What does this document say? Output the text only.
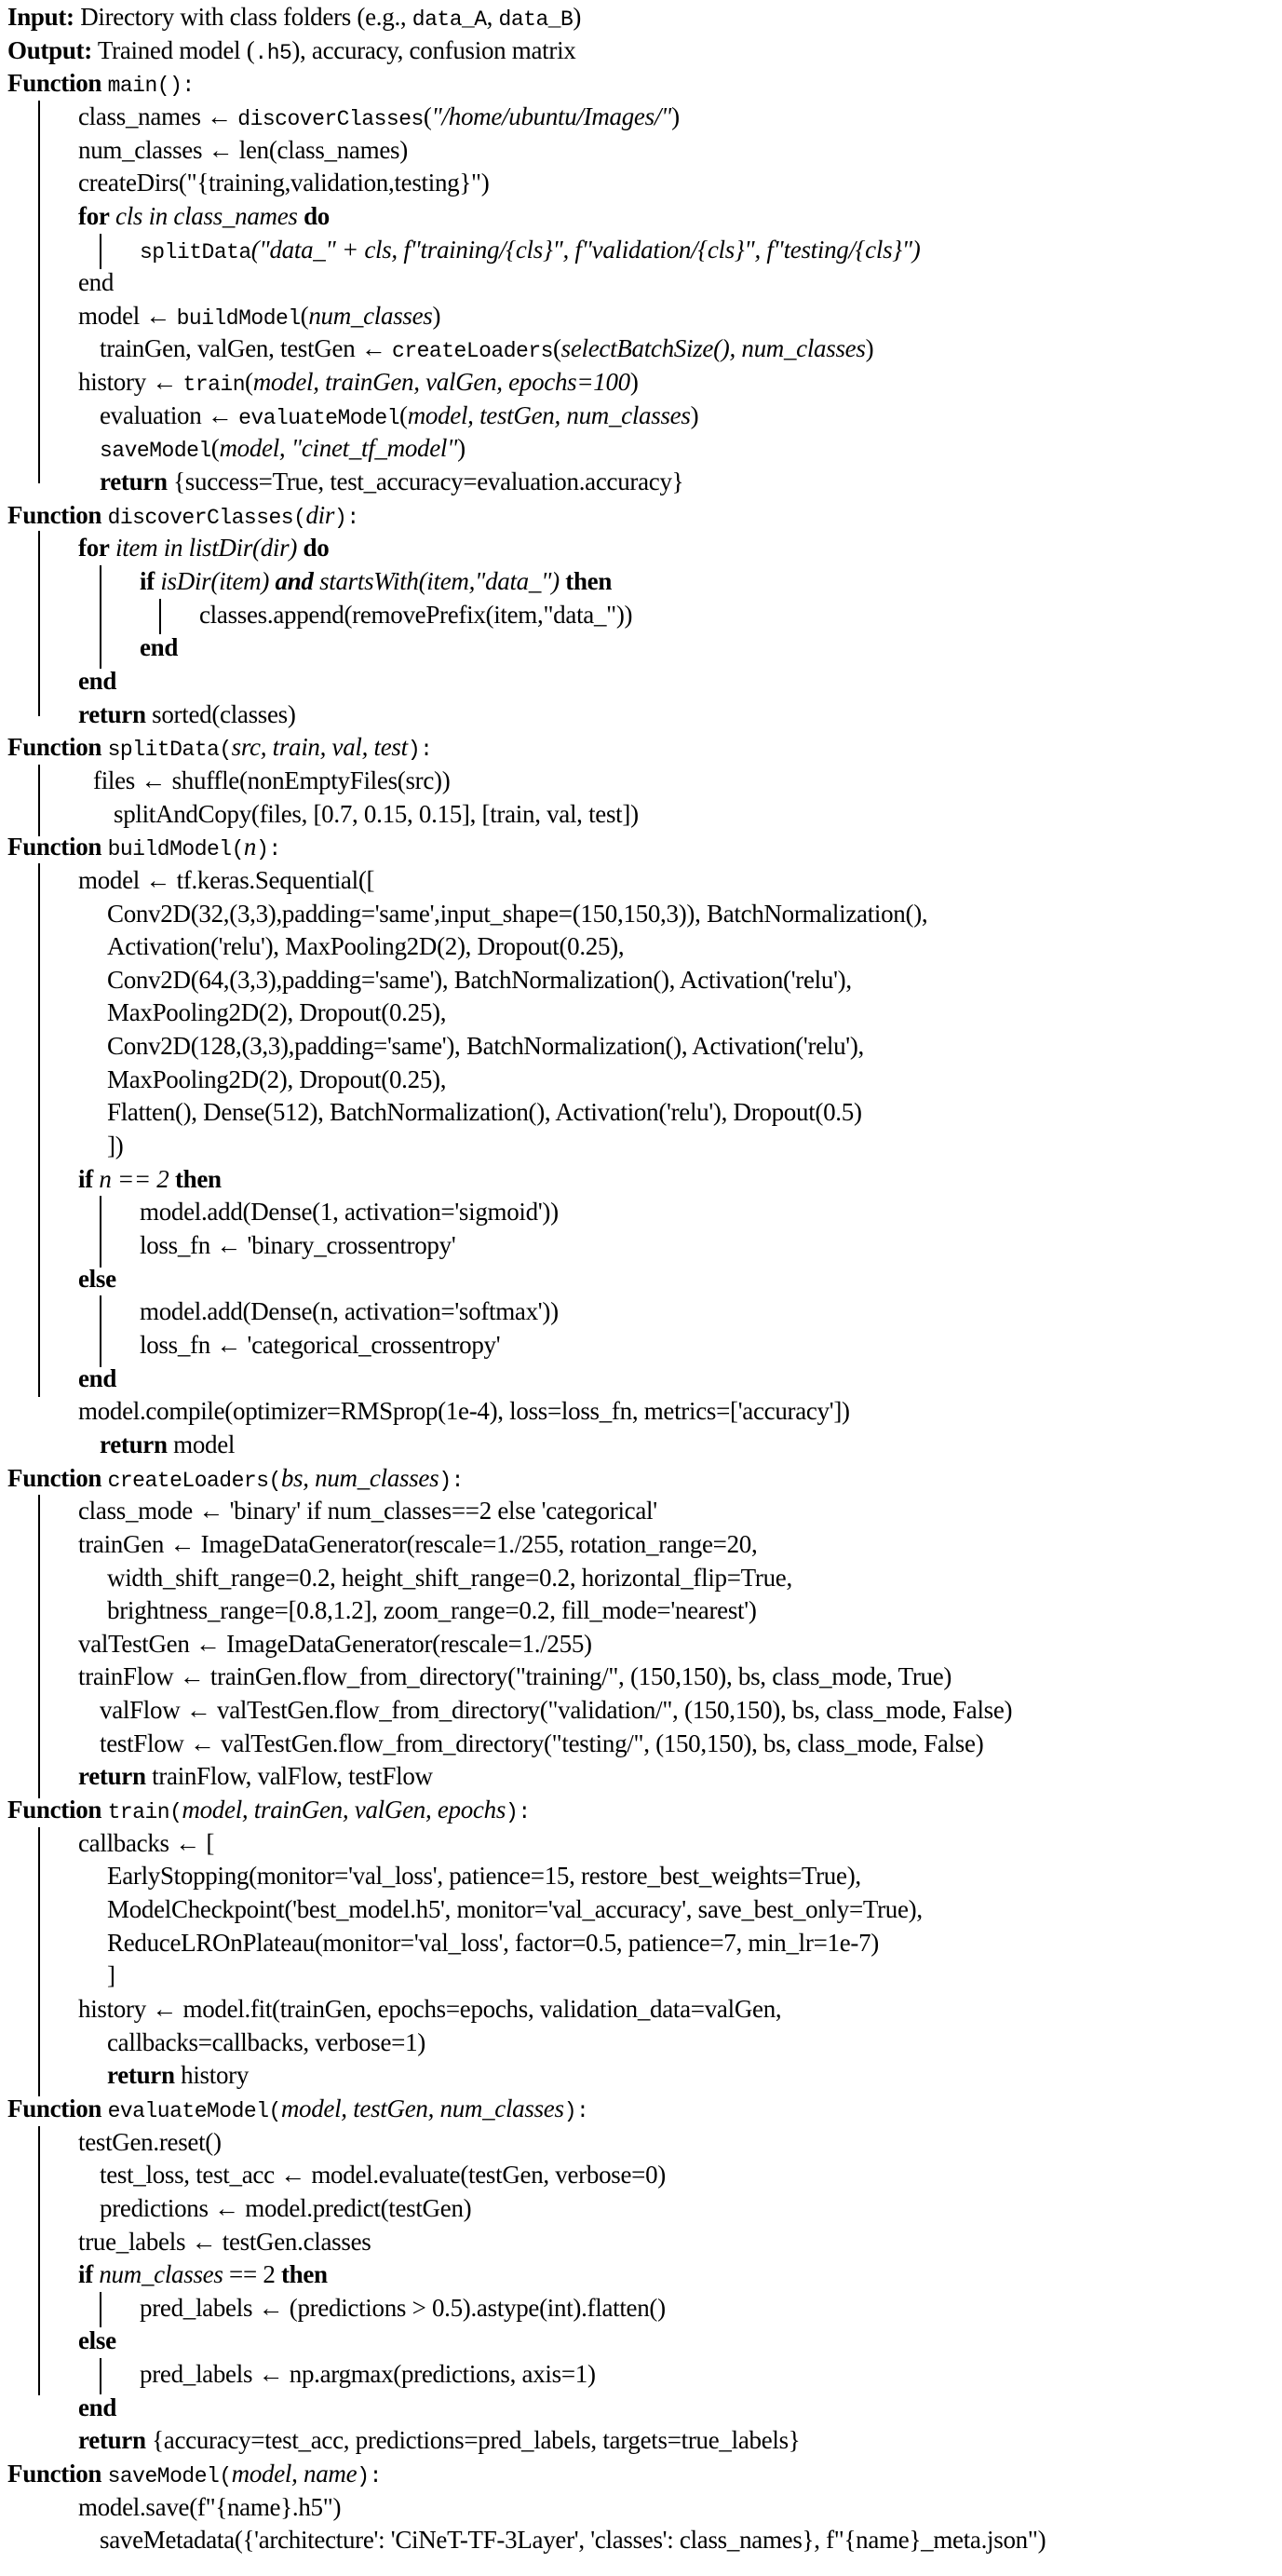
Input: Directory with class folders (e.g., data_A, data_B)
Output: Trained model (.h5), accuracy, confusion matrix
Function main():
class_names ← discoverClasses("/home/ubuntu/Images/")
num_classes ← len(class_names)
createDirs("{training,validation,testing}")
for cls in class_names do
splitData("data_" + cls, f"training/{cls}", f"validation/{cls}", f"testing/{cls}")
end
model ← buildModel(num_classes)
trainGen, valGen, testGen ← createLoaders(selectBatchSize(), num_classes)
history ← train(model, trainGen, valGen, epochs=100)
evaluation ← evaluateModel(model, testGen, num_classes)
saveModel(model, "cinet_tf_model")
return {success=True, test_accuracy=evaluation.accuracy}
Function discoverClasses(dir):
for item in listDir(dir) do
if isDir(item) and startsWith(item,"data_") then
classes.append(removePrefix(item,"data_"))
end
end
return sorted(classes)
Function splitData(src, train, val, test):
files ← shuffle(nonEmptyFiles(src))
splitAndCopy(files, [0.7, 0.15, 0.15], [train, val, test])
Function buildModel(n):
model ← tf.keras.Sequential([
Conv2D(32,(3,3),padding='same',input_shape=(150,150,3)), BatchNormalization(),
Activation('relu'), MaxPooling2D(2), Dropout(0.25),
Conv2D(64,(3,3),padding='same'), BatchNormalization(), Activation('relu'),
MaxPooling2D(2), Dropout(0.25),
Conv2D(128,(3,3),padding='same'), BatchNormalization(), Activation('relu'),
MaxPooling2D(2), Dropout(0.25),
Flatten(), Dense(512), BatchNormalization(), Activation('relu'), Dropout(0.5)
])
if n == 2 then
model.add(Dense(1, activation='sigmoid'))
loss_fn ← 'binary_crossentropy'
else
model.add(Dense(n, activation='softmax'))
loss_fn ← 'categorical_crossentropy'
end
model.compile(optimizer=RMSprop(1e-4), loss=loss_fn, metrics=['accuracy'])
return model
Function createLoaders(bs, num_classes):
class_mode ← 'binary' if num_classes==2 else 'categorical'
trainGen ← ImageDataGenerator(rescale=1./255, rotation_range=20,
width_shift_range=0.2, height_shift_range=0.2, horizontal_flip=True,
brightness_range=[0.8,1.2], zoom_range=0.2, fill_mode='nearest')
valTestGen ← ImageDataGenerator(rescale=1./255)
trainFlow ← trainGen.flow_from_directory("training/", (150,150), bs, class_mode, True)
valFlow ← valTestGen.flow_from_directory("validation/", (150,150), bs, class_mode, False)
testFlow ← valTestGen.flow_from_directory("testing/", (150,150), bs, class_mode, False)
return trainFlow, valFlow, testFlow
Function train(model, trainGen, valGen, epochs):
callbacks ← [
EarlyStopping(monitor='val_loss', patience=15, restore_best_weights=True),
ModelCheckpoint('best_model.h5', monitor='val_accuracy', save_best_only=True),
ReduceLROnPlateau(monitor='val_loss', factor=0.5, patience=7, min_lr=1e-7)
]
history ← model.fit(trainGen, epochs=epochs, validation_data=valGen,
callbacks=callbacks, verbose=1)
return history
Function evaluateModel(model, testGen, num_classes):
testGen.reset()
test_loss, test_acc ← model.evaluate(testGen, verbose=0)
predictions ← model.predict(testGen)
true_labels ← testGen.classes
if num_classes == 2 then
pred_labels ← (predictions > 0.5).astype(int).flatten()
else
pred_labels ← np.argmax(predictions, axis=1)
end
return {accuracy=test_acc, predictions=pred_labels, targets=true_labels}
Function saveModel(model, name):
model.save(f"{name}.h5")
saveMetadata({'architecture': 'CiNeT-TF-3Layer', 'classes': class_names}, f"{name}_meta.json")
